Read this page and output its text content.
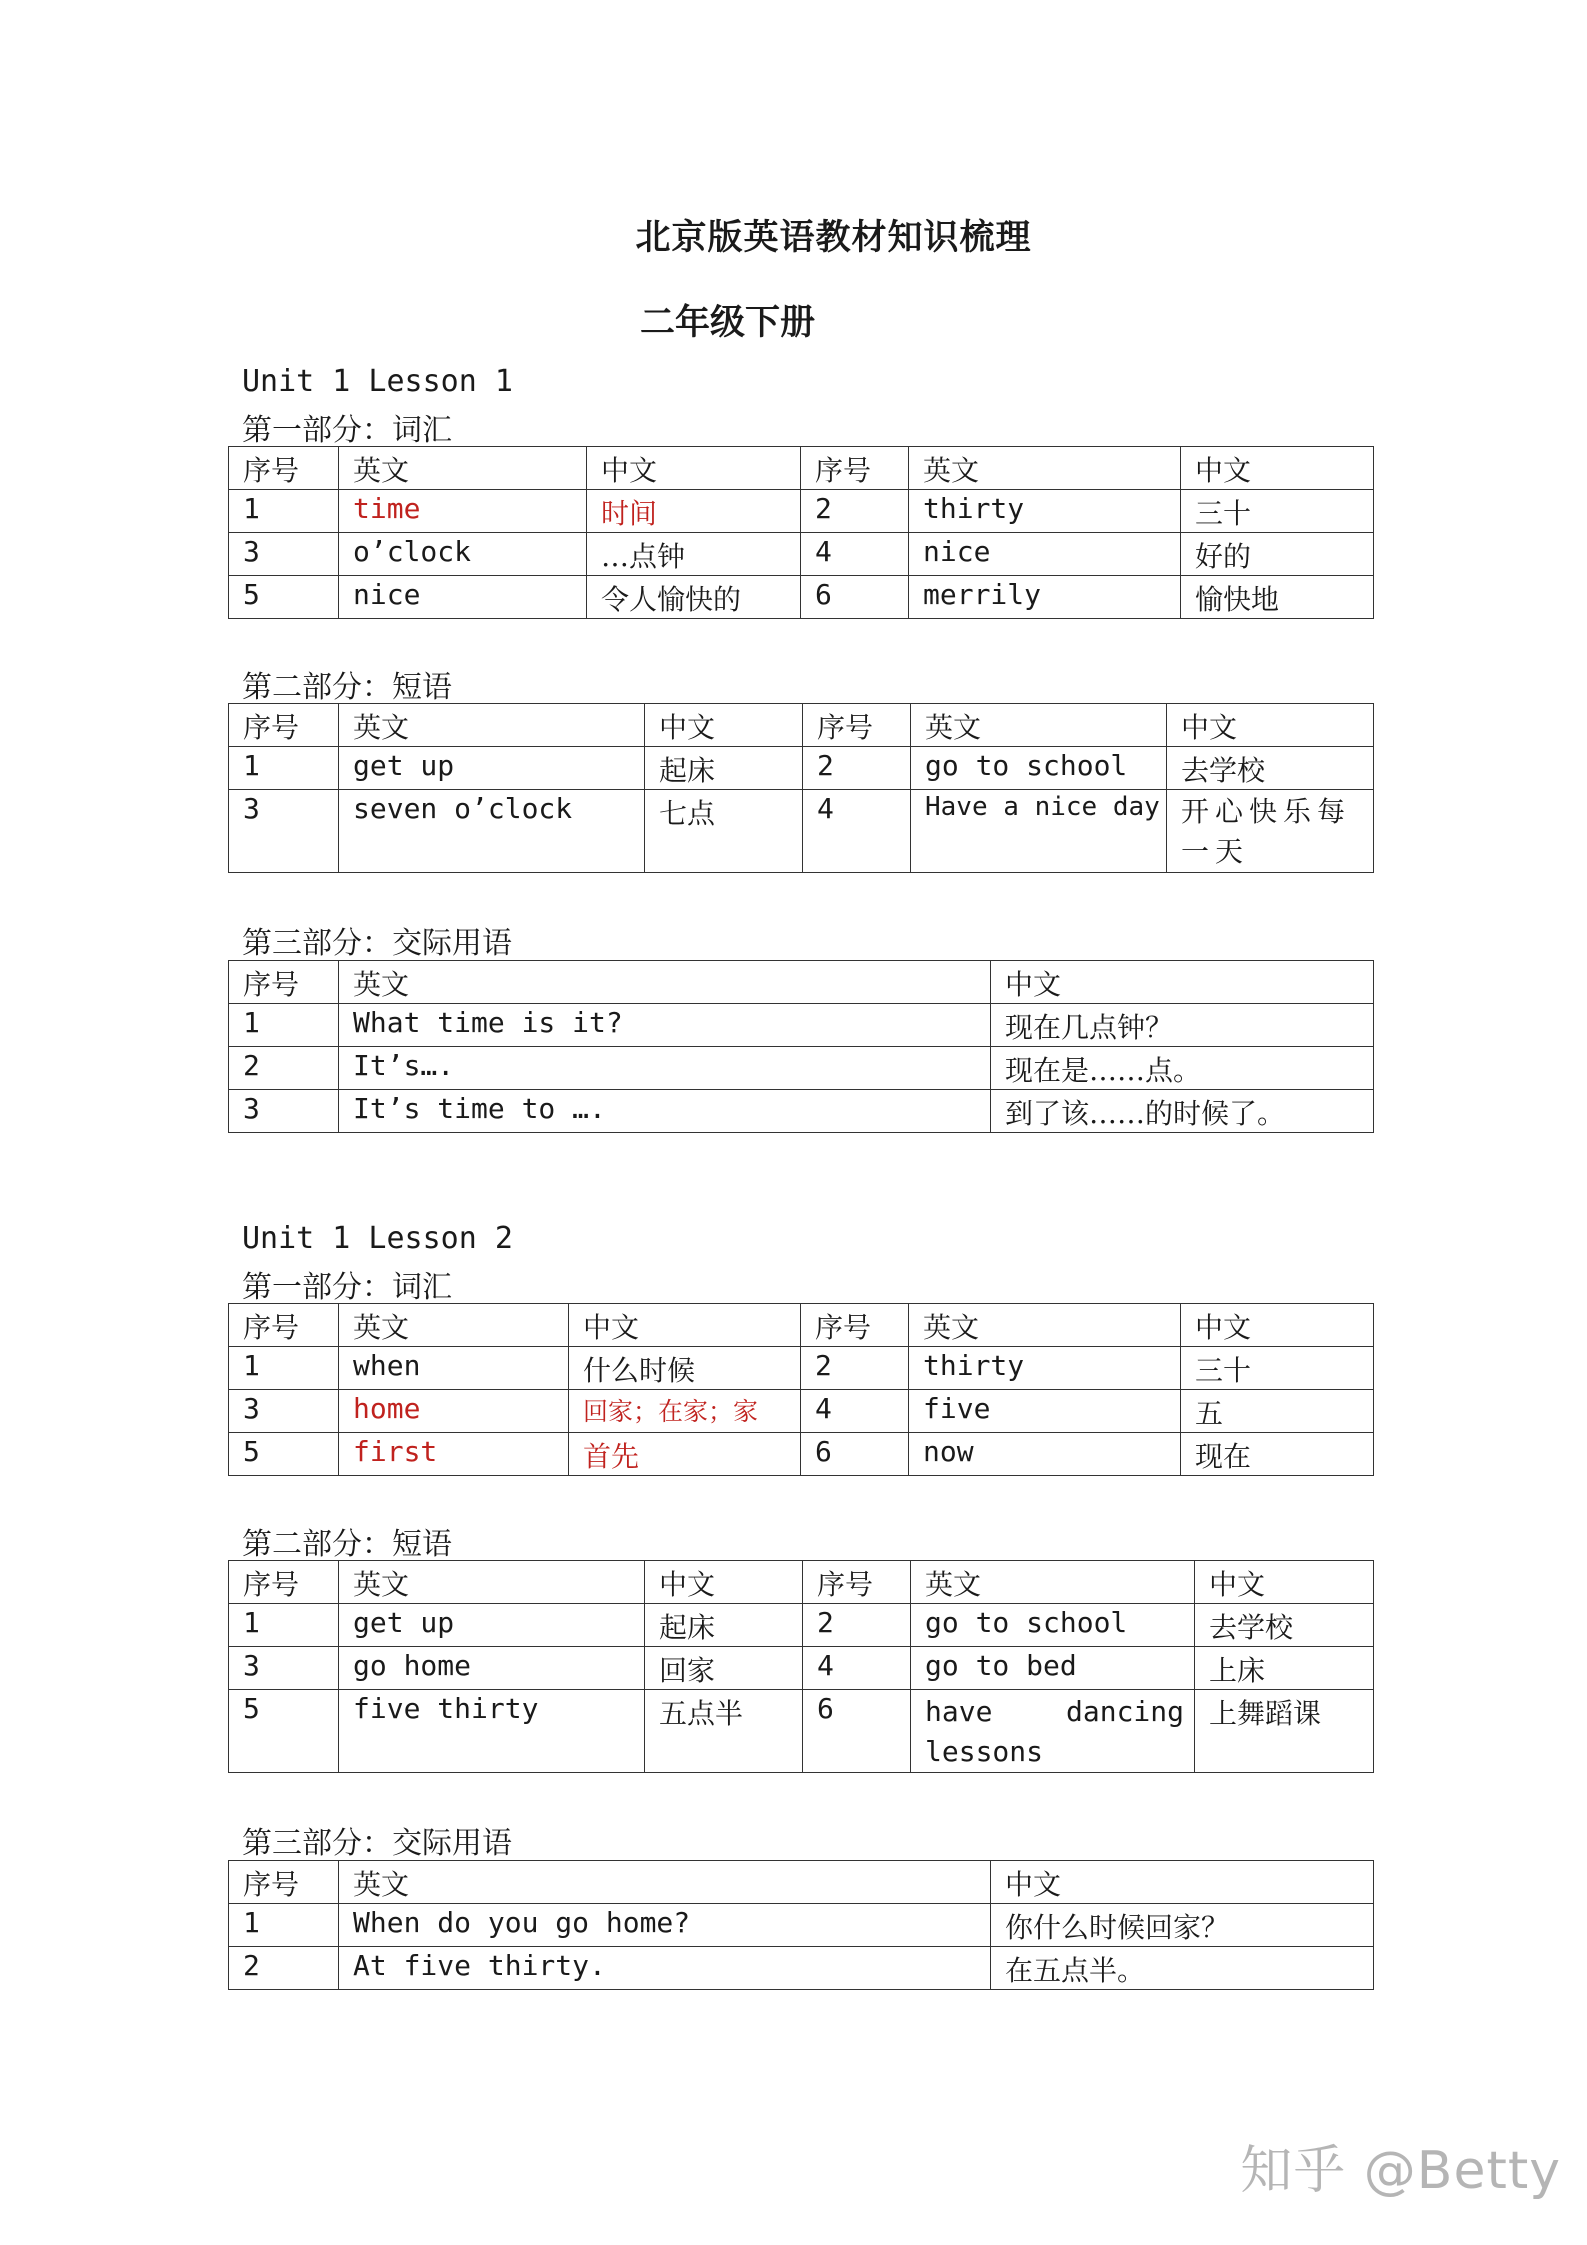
北京版英语教材知识梳理
二年级下册
Unit 1 Lesson 1
第一部分：词汇
序号	英文	中文	序号	英文	中文
1	time	时间	2	thirty	三十
3	o’clock	…点钟	4	nice	好的
5	nice	令人愉快的	6	merrily	愉快地
第二部分：短语
序号	英文	中文	序号	英文	中文
1	get up	起床	2	go to school	去学校
3	seven o’clock	七点	4	Have a nice day	开心快乐每一天
第三部分：交际用语
序号	英文	中文
1	What time is it?	现在几点钟？
2	It’s….	现在是……点。
3	It’s time to ….	到了该……的时候了。
Unit 1 Lesson 2
第一部分：词汇
序号	英文	中文	序号	英文	中文
1	when	什么时候	2	thirty	三十
3	home	回家；在家；家	4	five	五
5	first	首先	6	now	现在
第二部分：短语
序号	英文	中文	序号	英文	中文
1	get up	起床	2	go to school	去学校
3	go home	回家	4	go to bed	上床
5	five thirty	五点半	6	have dancing lessons	上舞蹈课
第三部分：交际用语
序号	英文	中文
1	When do you go home?	你什么时候回家？
2	At five thirty.	在五点半。
知乎 @Betty
